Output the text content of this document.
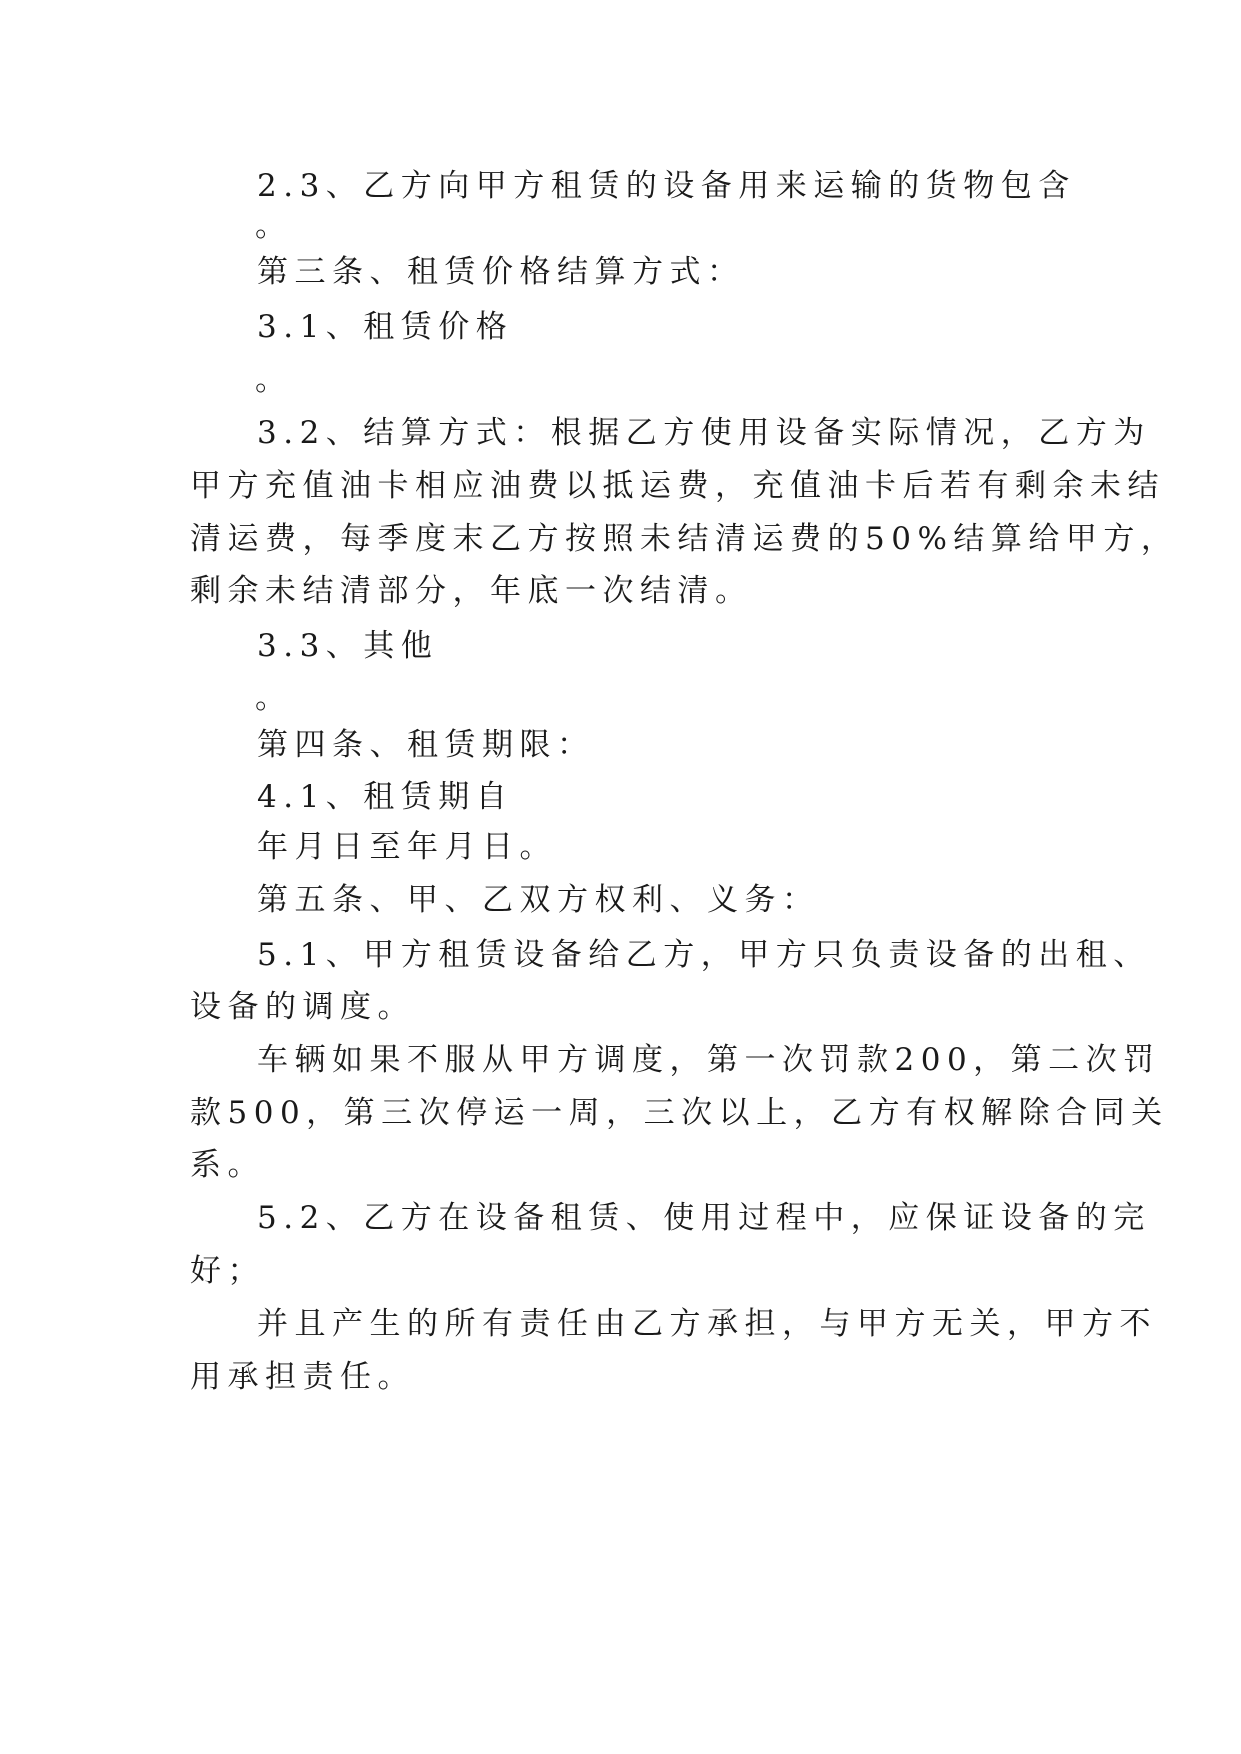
2.3、乙方向甲方租赁的设备用来运输的货物包含
。
第三条、租赁价格结算方式：
3.1、租赁价格
。
3.2、结算方式：根据乙方使用设备实际情况，乙方为
甲方充值油卡相应油费以抵运费，充值油卡后若有剩余未结
清运费，每季度末乙方按照未结清运费的50%结算给甲方，
剩余未结清部分，年底一次结清。
3.3、其他
。
第四条、租赁期限：
4.1、租赁期自
年月日至年月日。
第五条、甲、乙双方权利、义务：
5.1、甲方租赁设备给乙方，甲方只负责设备的出租、
设备的调度。
车辆如果不服从甲方调度，第一次罚款200，第二次罚
款500，第三次停运一周，三次以上，乙方有权解除合同关
系。
5.2、乙方在设备租赁、使用过程中，应保证设备的完
好；
并且产生的所有责任由乙方承担，与甲方无关，甲方不
用承担责任。
